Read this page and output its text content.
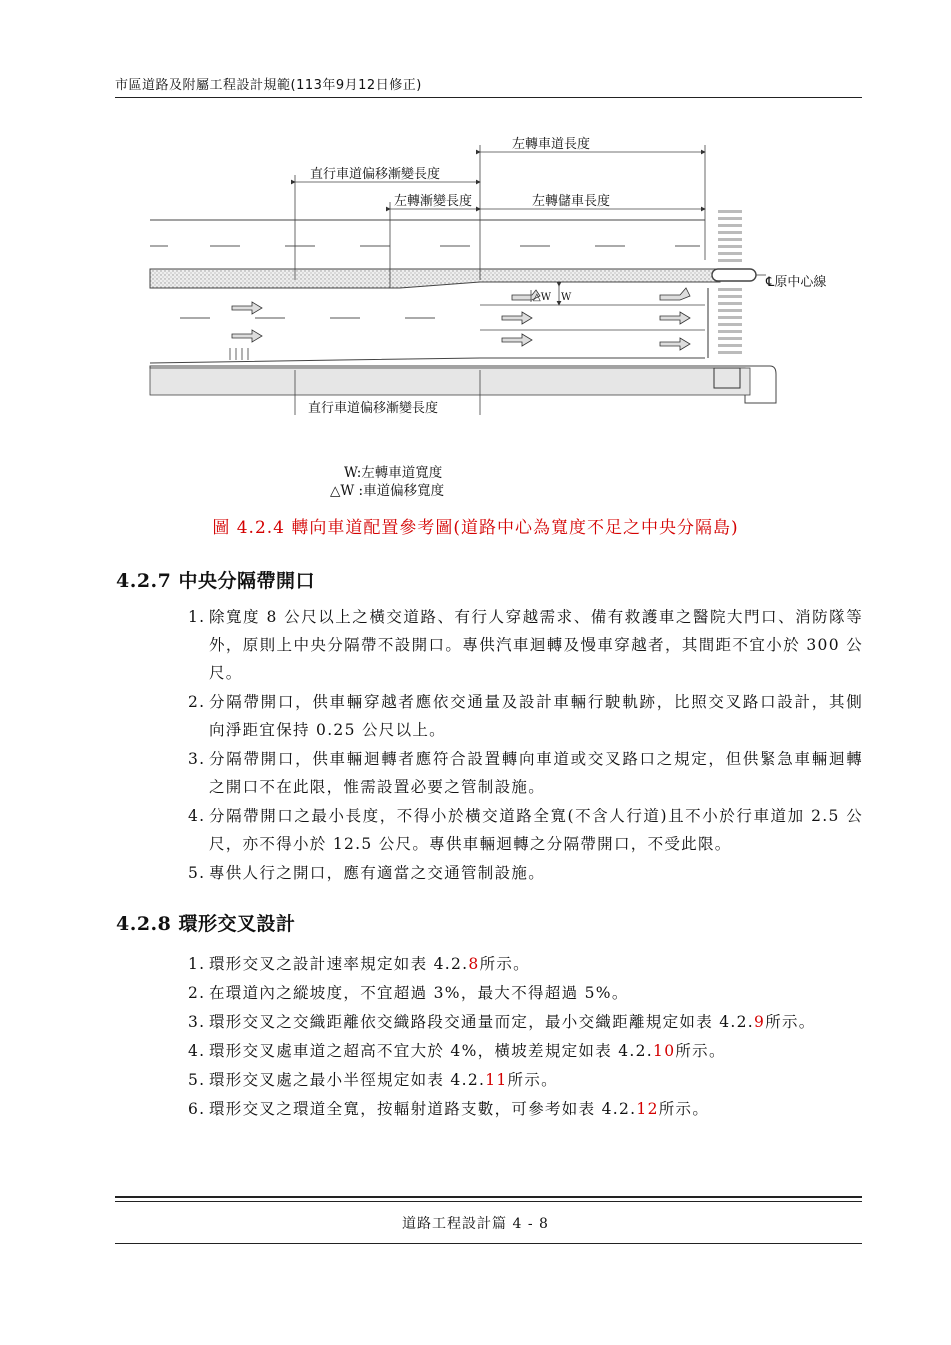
市區道路及附屬工程設計規範(113年9月12日修正)
左轉車道長度
直行車道偏移漸變長度
左轉漸變長度	左轉儲車長度
℄原中心線
△W W
直行車道偏移漸變長度
W:左轉車道寬度
△W :車道偏移寬度
圖 4.2.4 轉向車道配置參考圖(道路中心為寬度不足之中央分隔島)
4.2.7 中央分隔帶開口
1. 除寬度 8 公尺以上之橫交道路、有行人穿越需求、備有救護車之醫院大門口、消防隊等外，原則上中央分隔帶不設開口。專供汽車迴轉及慢車穿越者，其間距不宜小於 300 公尺。
2. 分隔帶開口，供車輛穿越者應依交通量及設計車輛行駛軌跡，比照交叉路口設計，其側向淨距宜保持 0.25 公尺以上。
3. 分隔帶開口，供車輛迴轉者應符合設置轉向車道或交叉路口之規定，但供緊急車輛迴轉之開口不在此限，惟需設置必要之管制設施。
4. 分隔帶開口之最小長度，不得小於橫交道路全寬(不含人行道)且不小於行車道加 2.5 公尺，亦不得小於 12.5 公尺。專供車輛迴轉之分隔帶開口，不受此限。
5. 專供人行之開口，應有適當之交通管制設施。
4.2.8 環形交叉設計
1. 環形交叉之設計速率規定如表 4.2.8所示。
2. 在環道內之縱坡度，不宜超過 3%，最大不得超過 5%。
3. 環形交叉之交織距離依交織路段交通量而定，最小交織距離規定如表 4.2.9所示。
4. 環形交叉處車道之超高不宜大於 4%，橫坡差規定如表 4.2.10所示。
5. 環形交叉處之最小半徑規定如表 4.2.11所示。
6. 環形交叉之環道全寬，按輻射道路支數，可參考如表 4.2.12所示。
道路工程設計篇 4 - 8
